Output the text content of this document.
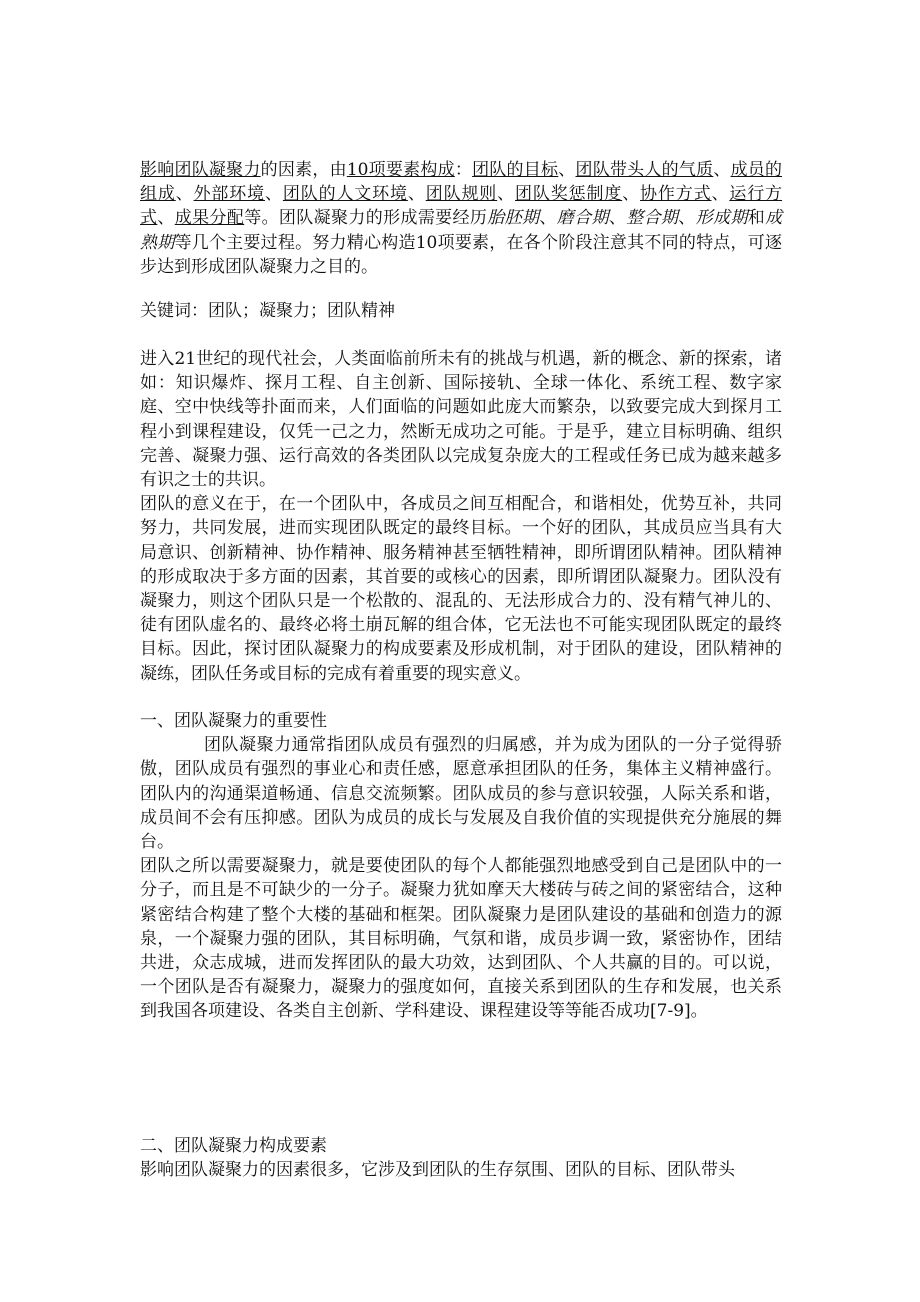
影响团队凝聚力的因素，由10项要素构成：团队的目标、团队带头人的气质、成员的组成、外部环境、团队的人文环境、团队规则、团队奖惩制度、协作方式、运行方式、成果分配等。团队凝聚力的形成需要经历胎胚期、磨合期、整合期、形成期和成熟期等几个主要过程。努力精心构造10项要素，在各个阶段注意其不同的特点，可逐步达到形成团队凝聚力之目的。

关键词：团队；凝聚力；团队精神

进入21世纪的现代社会，人类面临前所未有的挑战与机遇，新的概念、新的探索，诸如：知识爆炸、探月工程、自主创新、国际接轨、全球一体化、系统工程、数字家庭、空中快线等扑面而来，人们面临的问题如此庞大而繁杂，以致要完成大到探月工程小到课程建设，仅凭一己之力，然断无成功之可能。于是乎，建立目标明确、组织完善、凝聚力强、运行高效的各类团队以完成复杂庞大的工程或任务已成为越来越多有识之士的共识。

团队的意义在于，在一个团队中，各成员之间互相配合，和谐相处，优势互补，共同努力，共同发展，进而实现团队既定的最终目标。一个好的团队，其成员应当具有大局意识、创新精神、协作精神、服务精神甚至牺牲精神，即所谓团队精神。团队精神的形成取决于多方面的因素，其首要的或核心的因素，即所谓团队凝聚力。团队没有凝聚力，则这个团队只是一个松散的、混乱的、无法形成合力的、没有精气神儿的、徒有团队虚名的、最终必将土崩瓦解的组合体，它无法也不可能实现团队既定的最终目标。因此，探讨团队凝聚力的构成要素及形成机制，对于团队的建设，团队精神的凝练，团队任务或目标的完成有着重要的现实意义。

一、团队凝聚力的重要性

团队凝聚力通常指团队成员有强烈的归属感，并为成为团队的一分子觉得骄傲，团队成员有强烈的事业心和责任感，愿意承担团队的任务，集体主义精神盛行。团队内的沟通渠道畅通、信息交流频繁。团队成员的参与意识较强，人际关系和谐，成员间不会有压抑感。团队为成员的成长与发展及自我价值的实现提供充分施展的舞台。

团队之所以需要凝聚力，就是要使团队的每个人都能强烈地感受到自己是团队中的一分子，而且是不可缺少的一分子。凝聚力犹如摩天大楼砖与砖之间的紧密结合，这种紧密结合构建了整个大楼的基础和框架。团队凝聚力是团队建设的基础和创造力的源泉，一个凝聚力强的团队，其目标明确，气氛和谐，成员步调一致，紧密协作，团结共进，众志成城，进而发挥团队的最大功效，达到团队、个人共赢的目的。可以说，一个团队是否有凝聚力，凝聚力的强度如何，直接关系到团队的生存和发展，也关系到我国各项建设、各类自主创新、学科建设、课程建设等等能否成功[7-9]。

二、团队凝聚力构成要素

影响团队凝聚力的因素很多，它涉及到团队的生存氛围、团队的目标、团队带头
